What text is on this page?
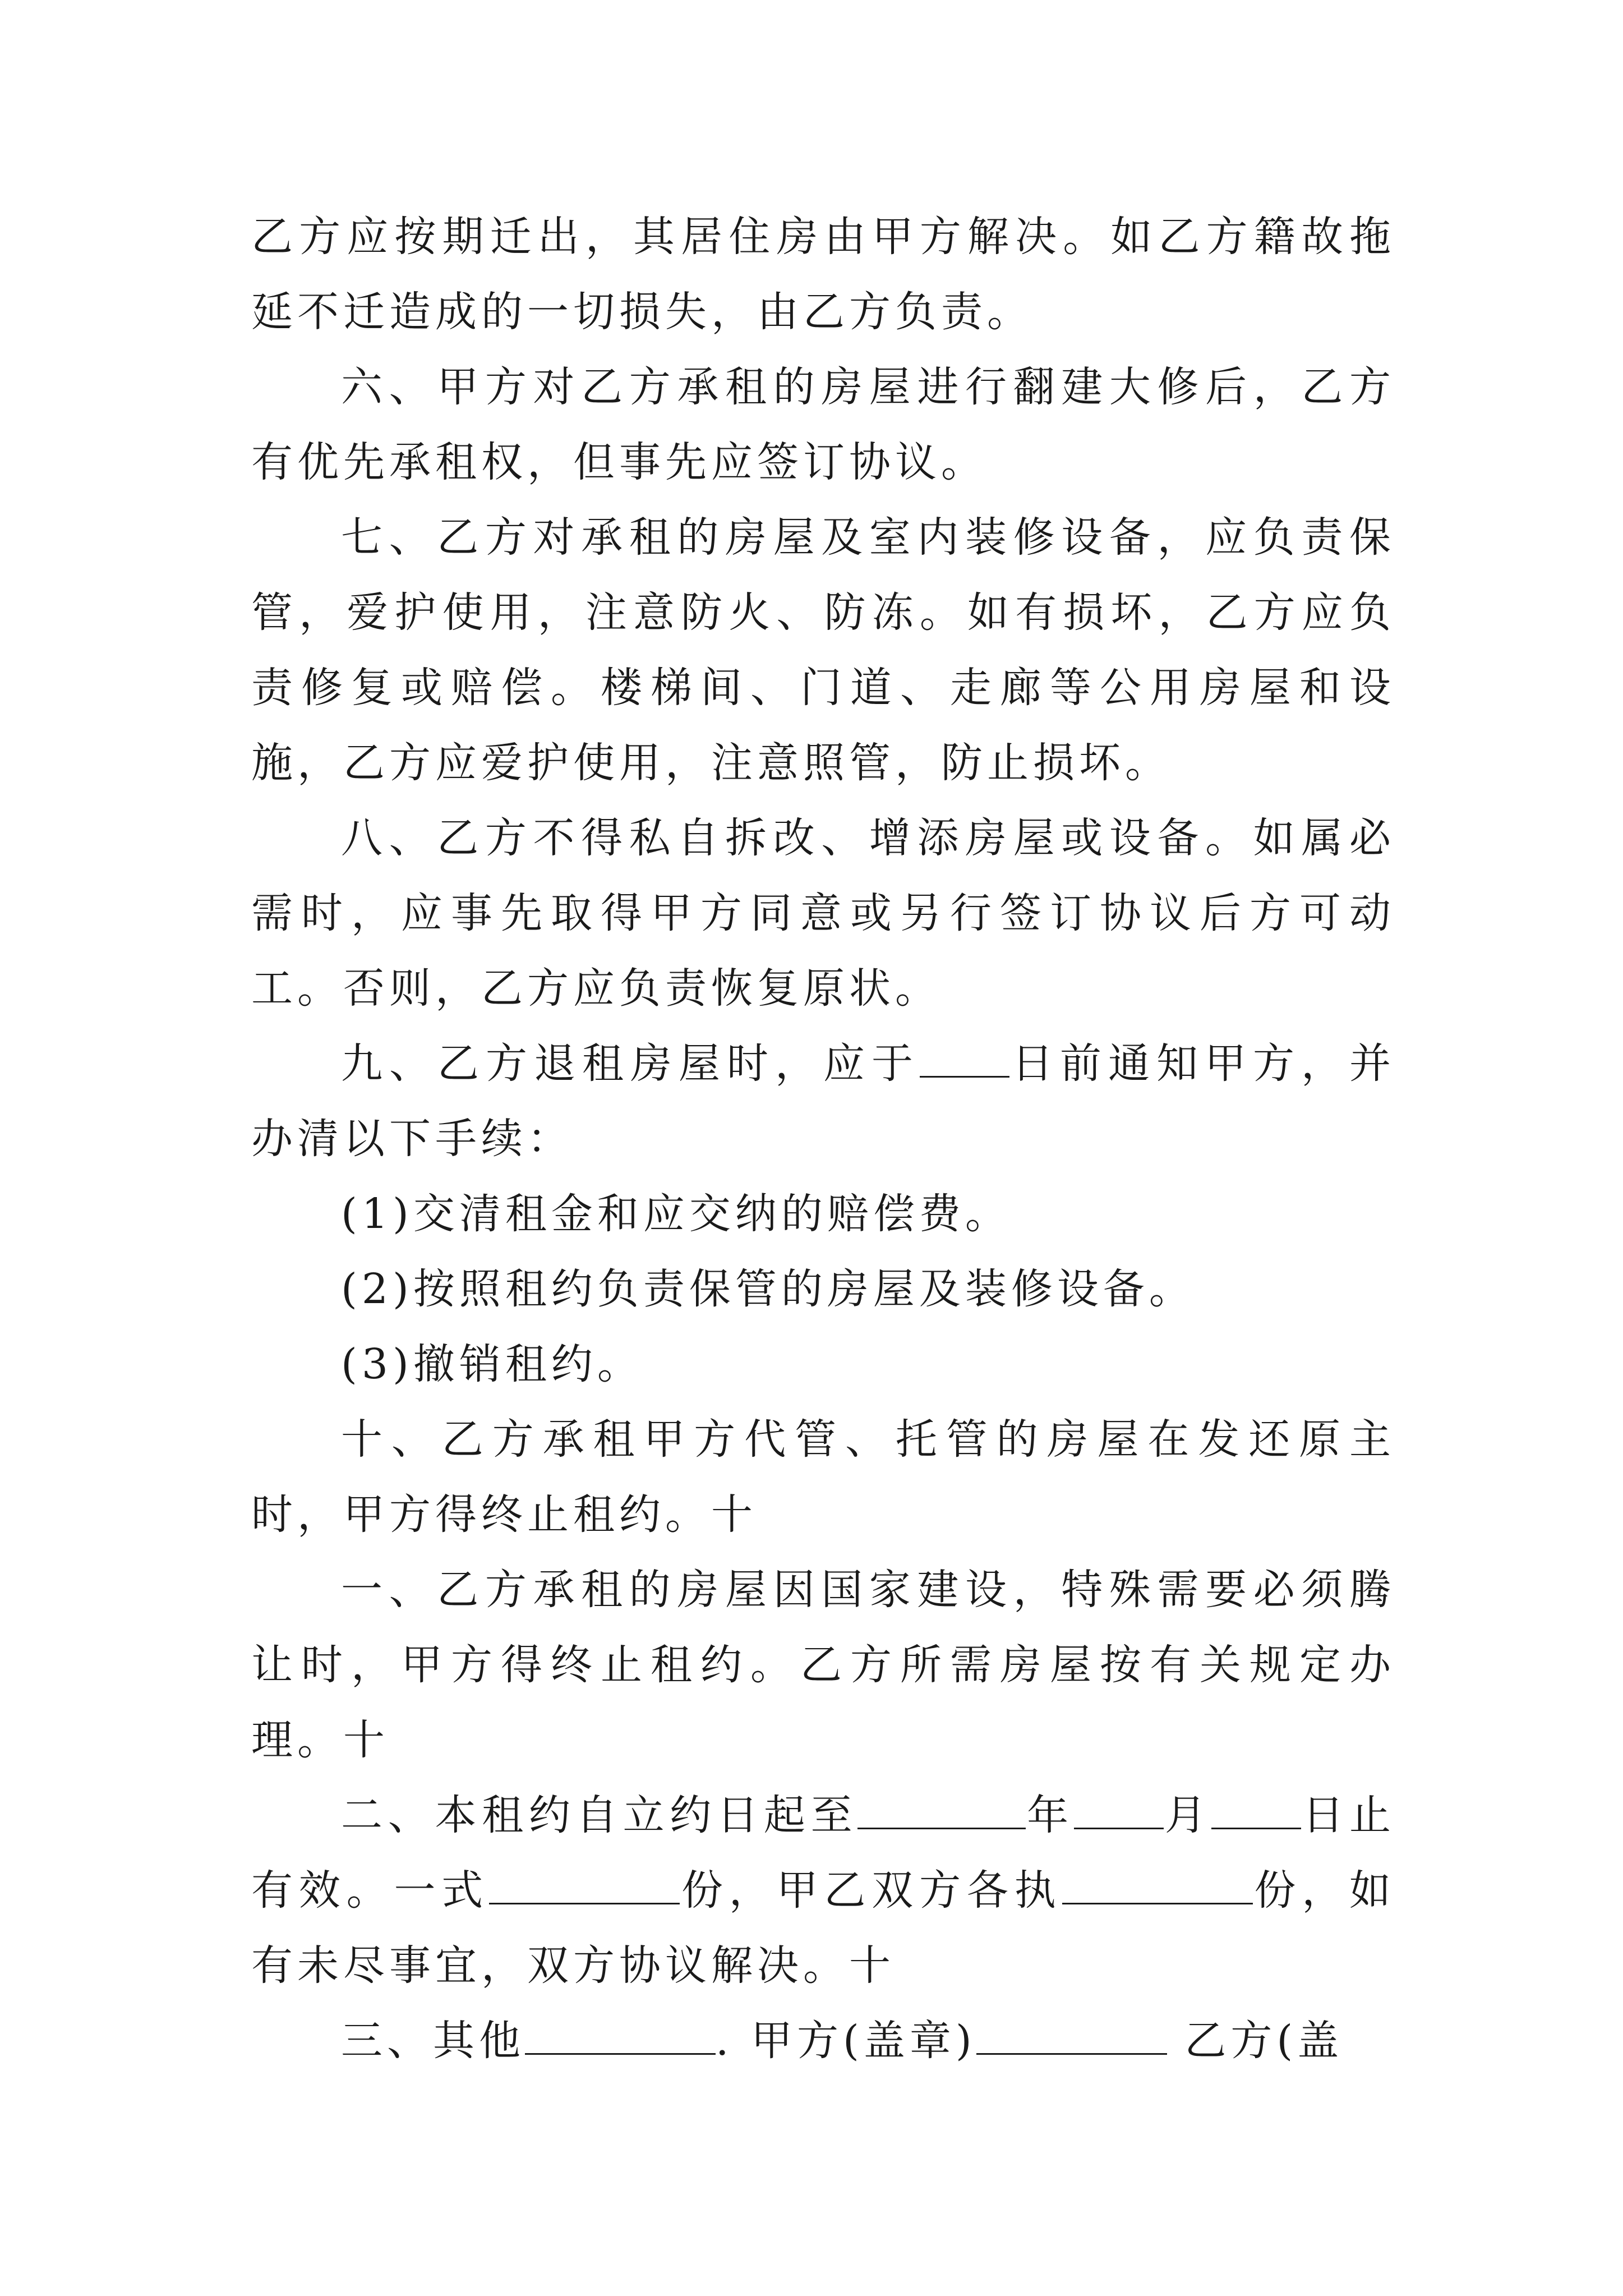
乙方应按期迁出，其居住房由甲方解决。如乙方籍故拖延不迁造成的一切损失，由乙方负责。

六、甲方对乙方承租的房屋进行翻建大修后，乙方有优先承租权，但事先应签订协议。

七、乙方对承租的房屋及室内装修设备，应负责保管，爱护使用，注意防火、防冻。如有损坏，乙方应负责修复或赔偿。楼梯间、门道、走廊等公用房屋和设施，乙方应爱护使用，注意照管，防止损坏。

八、乙方不得私自拆改、增添房屋或设备。如属必需时，应事先取得甲方同意或另行签订协议后方可动工。否则，乙方应负责恢复原状。

九、乙方退租房屋时，应于 日前通知甲方，并办清以下手续：

(1)交清租金和应交纳的赔偿费。

(2)按照租约负责保管的房屋及装修设备。

(3)撤销租约。

十、乙方承租甲方代管、托管的房屋在发还原主时，甲方得终止租约。十

一、乙方承租的房屋因国家建设，特殊需要必须腾让时，甲方得终止租约。乙方所需房屋按有关规定办理。十

二、本租约自立约日起至	年 月 日止有效。一式	份，甲乙双方各执	份，如有未尽事宜，双方协议解决。十

三、其他	. 甲方(盖章)	乙方(盖
